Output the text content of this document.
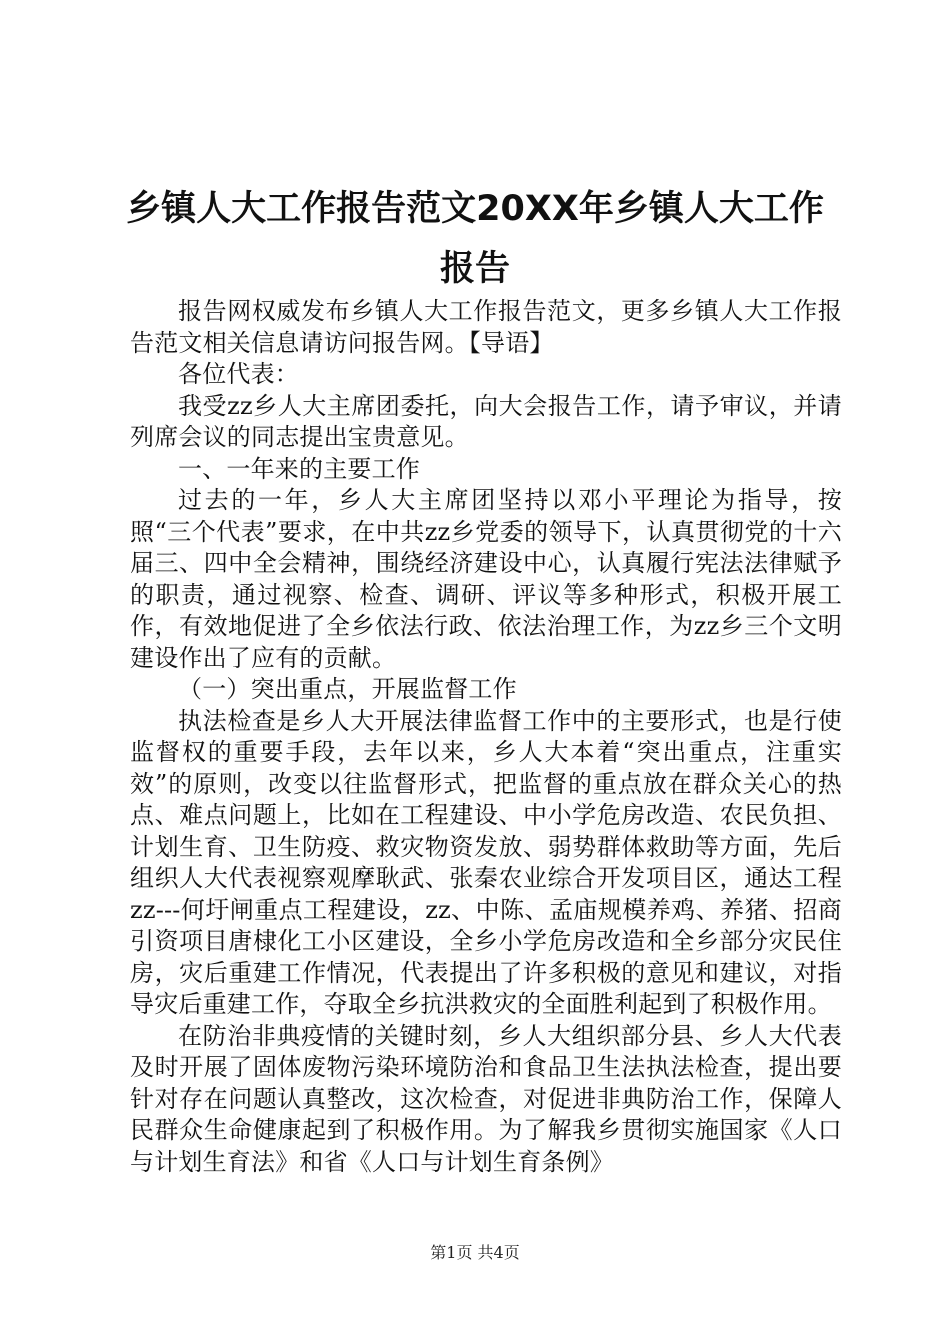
乡镇人大工作报告范文20XX年乡镇人大工作
报告

报告网权威发布乡镇人大工作报告范文，更多乡镇人大工作报告范文相关信息请访问报告网。【导语】

各位代表：

我受zz乡人大主席团委托，向大会报告工作，请予审议，并请列席会议的同志提出宝贵意见。

一、一年来的主要工作

过去的一年，乡人大主席团坚持以邓小平理论为指导，按照“三个代表”要求，在中共zz乡党委的领导下，认真贯彻党的十六届三、四中全会精神，围绕经济建设中心，认真履行宪法法律赋予的职责，通过视察、检查、调研、评议等多种形式，积极开展工作，有效地促进了全乡依法行政、依法治理工作，为zz乡三个文明建设作出了应有的贡献。

（一）突出重点，开展监督工作

执法检查是乡人大开展法律监督工作中的主要形式，也是行使监督权的重要手段，去年以来，乡人大本着“突出重点，注重实效”的原则，改变以往监督形式，把监督的重点放在群众关心的热点、难点问题上，比如在工程建设、中小学危房改造、农民负担、计划生育、卫生防疫、救灾物资发放、弱势群体救助等方面，先后组织人大代表视察观摩耿武、张秦农业综合开发项目区，通达工程zz---何圩闸重点工程建设，zz、中陈、孟庙规模养鸡、养猪、招商引资项目唐棣化工小区建设，全乡小学危房改造和全乡部分灾民住房，灾后重建工作情况，代表提出了许多积极的意见和建议，对指导灾后重建工作，夺取全乡抗洪救灾的全面胜利起到了积极作用。

在防治非典疫情的关键时刻，乡人大组织部分县、乡人大代表及时开展了固体废物污染环境防治和食品卫生法执法检查，提出要针对存在问题认真整改，这次检查，对促进非典防治工作，保障人民群众生命健康起到了积极作用。为了解我乡贯彻实施国家《人口与计划生育法》和省《人口与计划生育条例》

第1页 共4页
